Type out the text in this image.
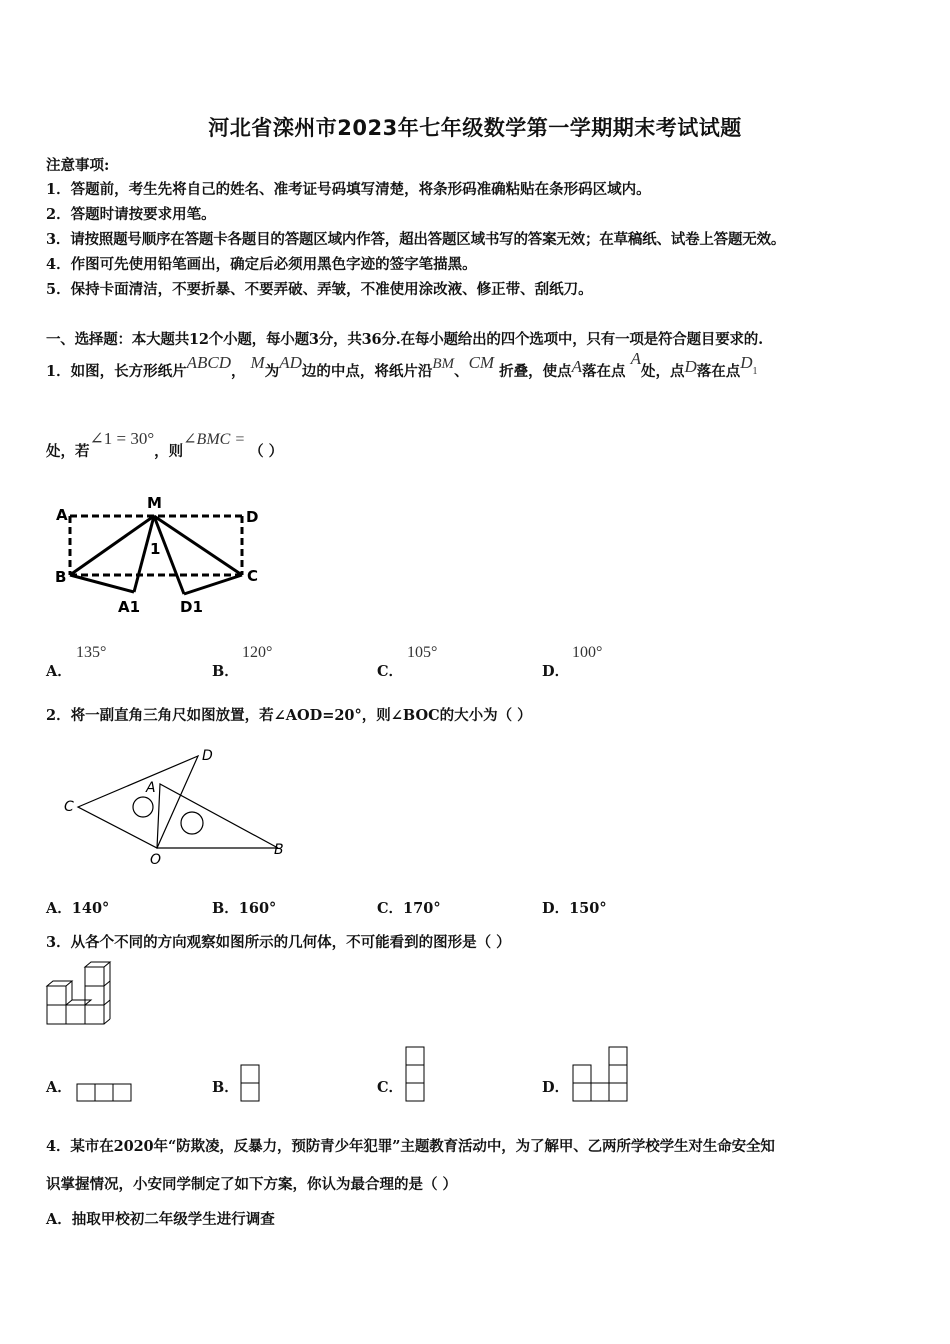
河北省滦州市2023年七年级数学第一学期期末考试试题
注意事项:
1．答题前，考生先将自己的姓名、准考证号码填写清楚，将条形码准确粘贴在条形码区域内。
2．答题时请按要求用笔。
3．请按照题号顺序在答题卡各题目的答题区域内作答，超出答题区域书写的答案无效；在草稿纸、试卷上答题无效。
4．作图可先使用铅笔画出，确定后必须用黑色字迹的签字笔描黑。
5．保持卡面清洁，不要折暴、不要弄破、弄皱，不准使用涂改液、修正带、刮纸刀。
一、选择题：本大题共12个小题，每小题3分，共36分.在每小题给出的四个选项中，只有一项是符合题目要求的.
1．如图，长方形纸片ABCD， M为AD边的中点，将纸片沿BM、CM 折叠，使点A落在点 A处，点D落在点$D_1$
处，若∠1 = 30°，则∠BMC =（ ）
A
M
D
B	C
A1	D1
1
A．
135°
B．
120°
C．
105°
D．
100°
2．将一副直角三角尺如图放置，若∠AOD=20°，则∠BOC的大小为（ ）
C
D
A
O
B
A．140°	B．160°	C．170°	D．150°
3．从各个不同的方向观察如图所示的几何体，不可能看到的图形是（ ）
A．	B．	C．	D．
4．某市在2020年“防欺凌，反暴力，预防青少年犯罪”主题教育活动中，为了解甲、乙两所学校学生对生命安全知
识掌握情况，小安同学制定了如下方案，你认为最合理的是（ ）
A．抽取甲校初二年级学生进行调查
